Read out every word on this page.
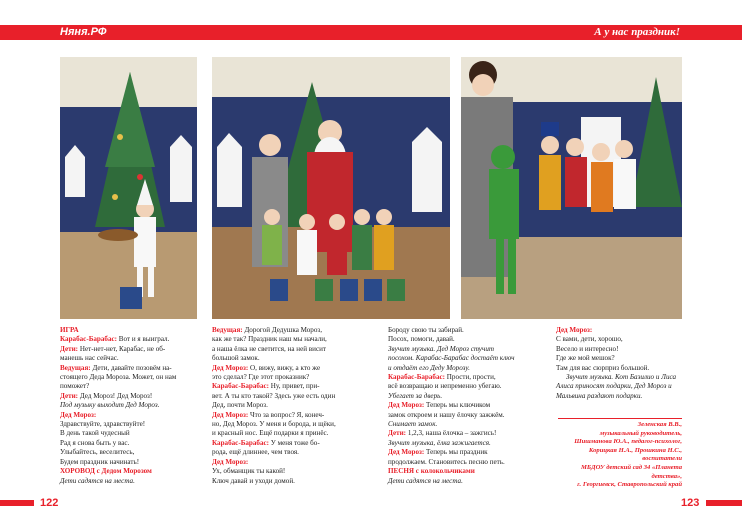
Няня.РФ	А у нас праздник!

ИГРА

Карабас-Барабас: Вот и я выиграл.

Дети: Нет-нет-нет, Карабас, не об-

манешь нас сейчас.

Ведущая: Дети, давайте позовём на-

стоящего Деда Мороза. Может, он нам

поможет?

Дети: Дед Мороз! Дед Мороз!

Под музыку выходит Дед Мороз.

Дед Мороз:

Здравствуйте, здравствуйте!

В день такой чудесный

Рад я снова быть у вас.

Улыбайтесь, веселитесь,

Будем праздник начинать!

ХОРОВОД с Дедом Морозом

Дети садятся на места.

Ведущая: Дорогой Дедушка Мороз,

как же так? Праздник наш мы начали,

а наша ёлка не светится, на ней висит

большой замок.

Дед Мороз: О, вижу, вижу, а кто же

это сделал? Где этот проказник?

Карабас-Барабас: Ну, привет, при-

вет. А ты кто такой? Здесь уже есть один

Дед, почти Мороз.

Дед Мороз: Что за вопрос? Я, конеч-

но, Дед Мороз. У меня и борода, и щёки,

и красный нос. Ещё подарки я принёс.

Карабас-Барабас: У меня тоже бо-

рода, ещё длиннее, чем твоя.

Дед Мороз:

Ух, обманщик ты какой!

Ключ давай и уходи домой.

Бороду свою ты забирай.

Посох, помоги, давай.

Звучит музыка. Дед Мороз стучит

посохом. Карабас-Барабас достаёт ключ

и отдаёт его Деду Морозу.

Карабас-Барабас: Прости, прости,

всё возвращаю и непременно убегаю.

Убегает за дверь.

Дед Мороз: Теперь мы ключиком

замок откроем и нашу ёлочку зажжём.

Снимает замок.

Дети: 1,2,3, наша ёлочка – зажгись!

Звучит музыка, ёлка зажигается.

Дед Мороз: Теперь мы праздник

продолжаем. Становитесь песню петь.

ПЕСНЯ с колокольчиками

Дети садятся на места.

Дед Мороз:

С вами, дети, хорошо,

Весело и интересно!

Где же мой мешок?

Там для вас сюрприз большой.

Звучит музыка. Кот Базилио и Лиса

Алиса приносят подарки, Дед Мороз и

Мальвина раздают подарки.

Зеленская В.В.,
музыкальный руководитель,
Шишманова Ю.А., педагог-психолог,
Корицкая Н.А., Прошкина Н.С.,
воспитатели
МБДОУ детский сад 34 «Планета
детства»,
г. Георгиевск, Ставропольский край
122	123
